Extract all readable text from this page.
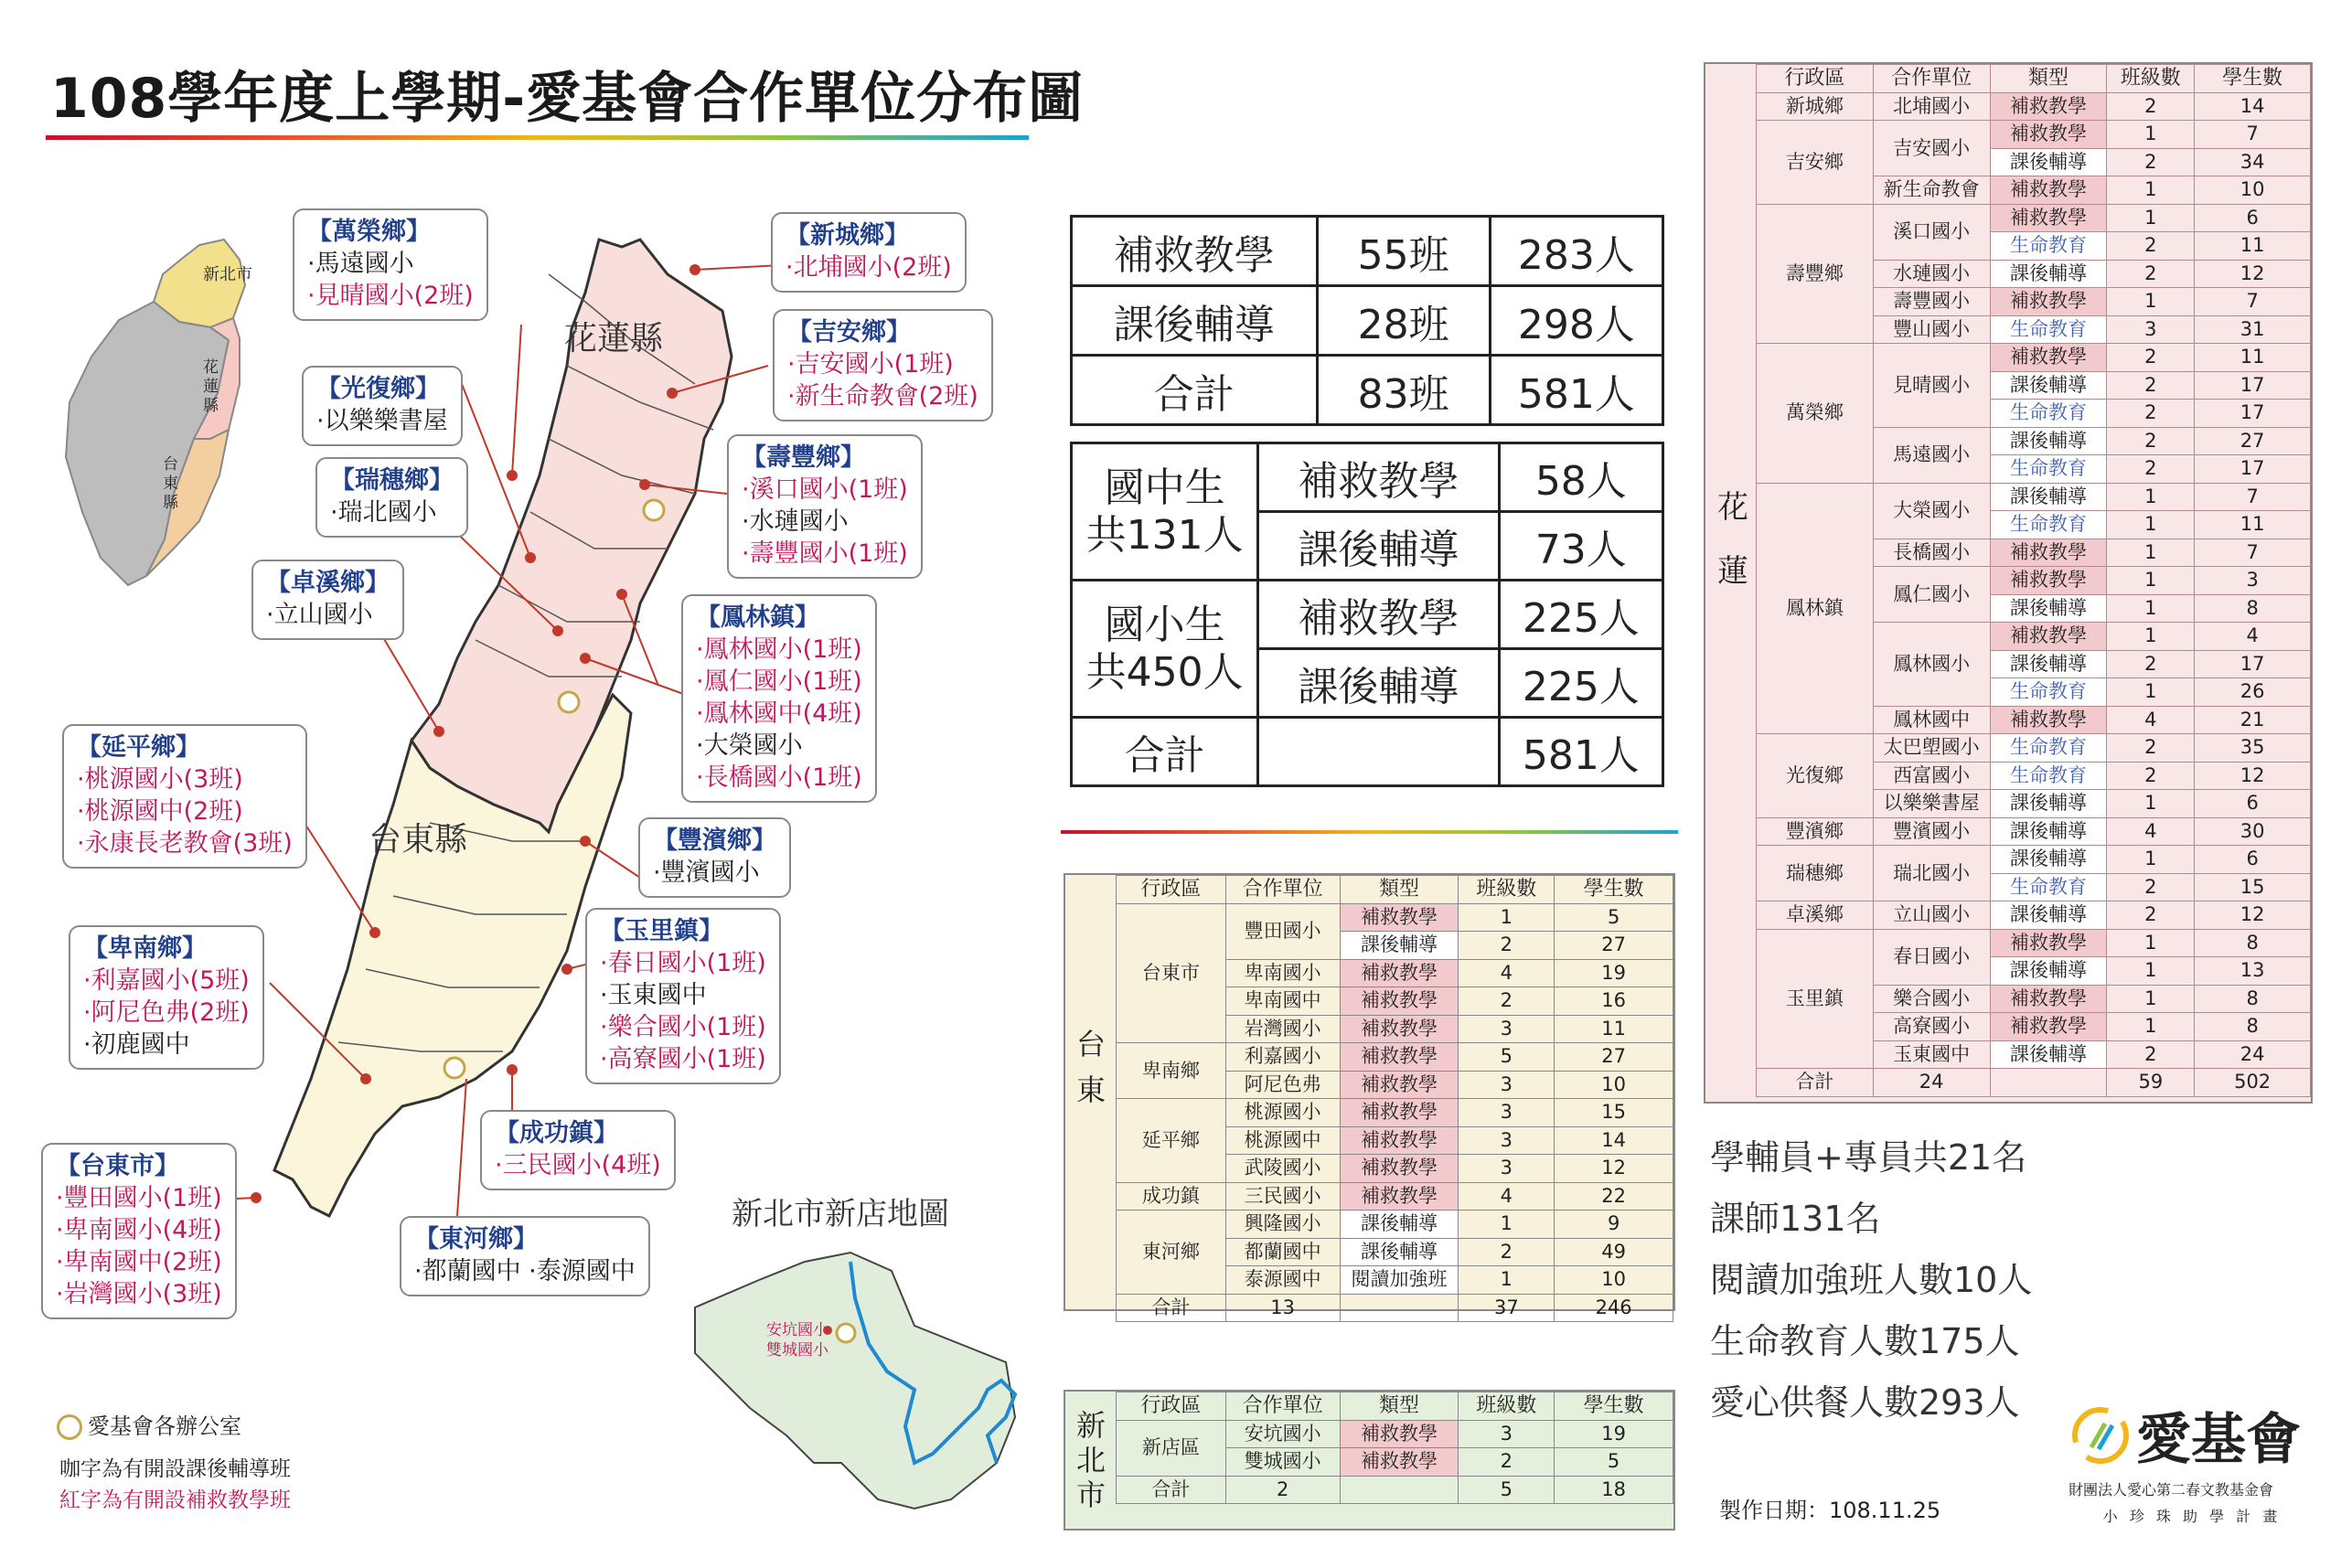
108學年度上學期-愛基會合作單位分布圖
新北市
花
蓮
縣
台
東
縣
花蓮縣
台東縣
新北市新店地圖
安坑國小
雙城國小
【萬榮鄉】
·馬遠國小
·見晴國小(2班)
【光復鄉】
·以樂樂書屋
【瑞穗鄉】
·瑞北國小
【卓溪鄉】
·立山國小
【延平鄉】
·桃源國小(3班)
·桃源國中(2班)
·永康長老教會(3班)
【卑南鄉】
·利嘉國小(5班)
·阿尼色弗(2班)
·初鹿國中
【台東市】
·豐田國小(1班)
·卑南國小(4班)
·卑南國中(2班)
·岩灣國小(3班)
【新城鄉】
·北埔國小(2班)
【吉安鄉】
·吉安國小(1班)
·新生命教會(2班)
【壽豐鄉】
·溪口國小(1班)
·水璉國小
·壽豐國小(1班)
【鳳林鎮】
·鳳林國小(1班)
·鳳仁國小(1班)
·鳳林國中(4班)
·大榮國小
·長橋國小(1班)
【豐濱鄉】
·豐濱國小
【玉里鎮】
·春日國小(1班)
·玉東國中
·樂合國小(1班)
·高寮國小(1班)
【成功鎮】
·三民國小(4班)
【東河鄉】
·都蘭國中 ·泰源國中
愛基會各辦公室
咖字為有開設課後輔導班
紅字為有開設補救教學班
補救教學	55班	283人
課後輔導	28班	298人
合計	83班	581人
國中生
共131人	補救教學	58人
	課後輔導	73人
國小生
共450人	補救教學	225人
	課後輔導	225人
合計		581人
台
東
行政區	合作單位	類型	班級數	學生數
台東市	豐田國小	補救教學	1	5
		課後輔導	2	27
	卑南國小	補救教學	4	19
	卑南國中	補救教學	2	16
	岩灣國小	補救教學	3	11
卑南鄉	利嘉國小	補救教學	5	27
	阿尼色弗	補救教學	3	10
延平鄉	桃源國小	補救教學	3	15
	桃源國中	補救教學	3	14
	武陵國小	補救教學	3	12
成功鎮	三民國小	補救教學	4	22
東河鄉	興隆國小	課後輔導	1	9
	都蘭國中	課後輔導	2	49
	泰源國中	閱讀加強班	1	10
合計	13		37	246
新
北
市
行政區	合作單位	類型	班級數	學生數
新店區	安坑國小	補救教學	3	19
	雙城國小	補救教學	2	5
合計	2		5	18
花
蓮
行政區	合作單位	類型	班級數	學生數
新城鄉	北埔國小	補救教學	2	14
吉安鄉	吉安國小	補救教學	1	7
		課後輔導	2	34
	新生命教會	補救教學	1	10
壽豐鄉	溪口國小	補救教學	1	6
		生命教育	2	11
	水璉國小	課後輔導	2	12
	壽豐國小	補救教學	1	7
	豐山國小	生命教育	3	31
萬榮鄉	見晴國小	補救教學	2	11
		課後輔導	2	17
		生命教育	2	17
	馬遠國小	課後輔導	2	27
		生命教育	2	17
鳳林鎮	大榮國小	課後輔導	1	7
		生命教育	1	11
	長橋國小	補救教學	1	7
	鳳仁國小	補救教學	1	3
		課後輔導	1	8
	鳳林國小	補救教學	1	4
		課後輔導	2	17
		生命教育	1	26
	鳳林國中	補救教學	4	21
光復鄉	太巴塱國小	生命教育	2	35
	西富國小	生命教育	2	12
	以樂樂書屋	課後輔導	1	6
豐濱鄉	豐濱國小	課後輔導	4	30
瑞穗鄉	瑞北國小	課後輔導	1	6
		生命教育	2	15
卓溪鄉	立山國小	課後輔導	2	12
玉里鎮	春日國小	補救教學	1	8
		課後輔導	1	13
	樂合國小	補救教學	1	8
	高寮國小	補救教學	1	8
	玉東國中	課後輔導	2	24
合計	24		59	502
學輔員+專員共21名
課師131名
閱讀加強班人數10人
生命教育人數175人
愛心供餐人數293人
製作日期：108.11.25
愛基會
財團法人愛心第二春文教基金會
小 珍 珠 助 學 計 畫
